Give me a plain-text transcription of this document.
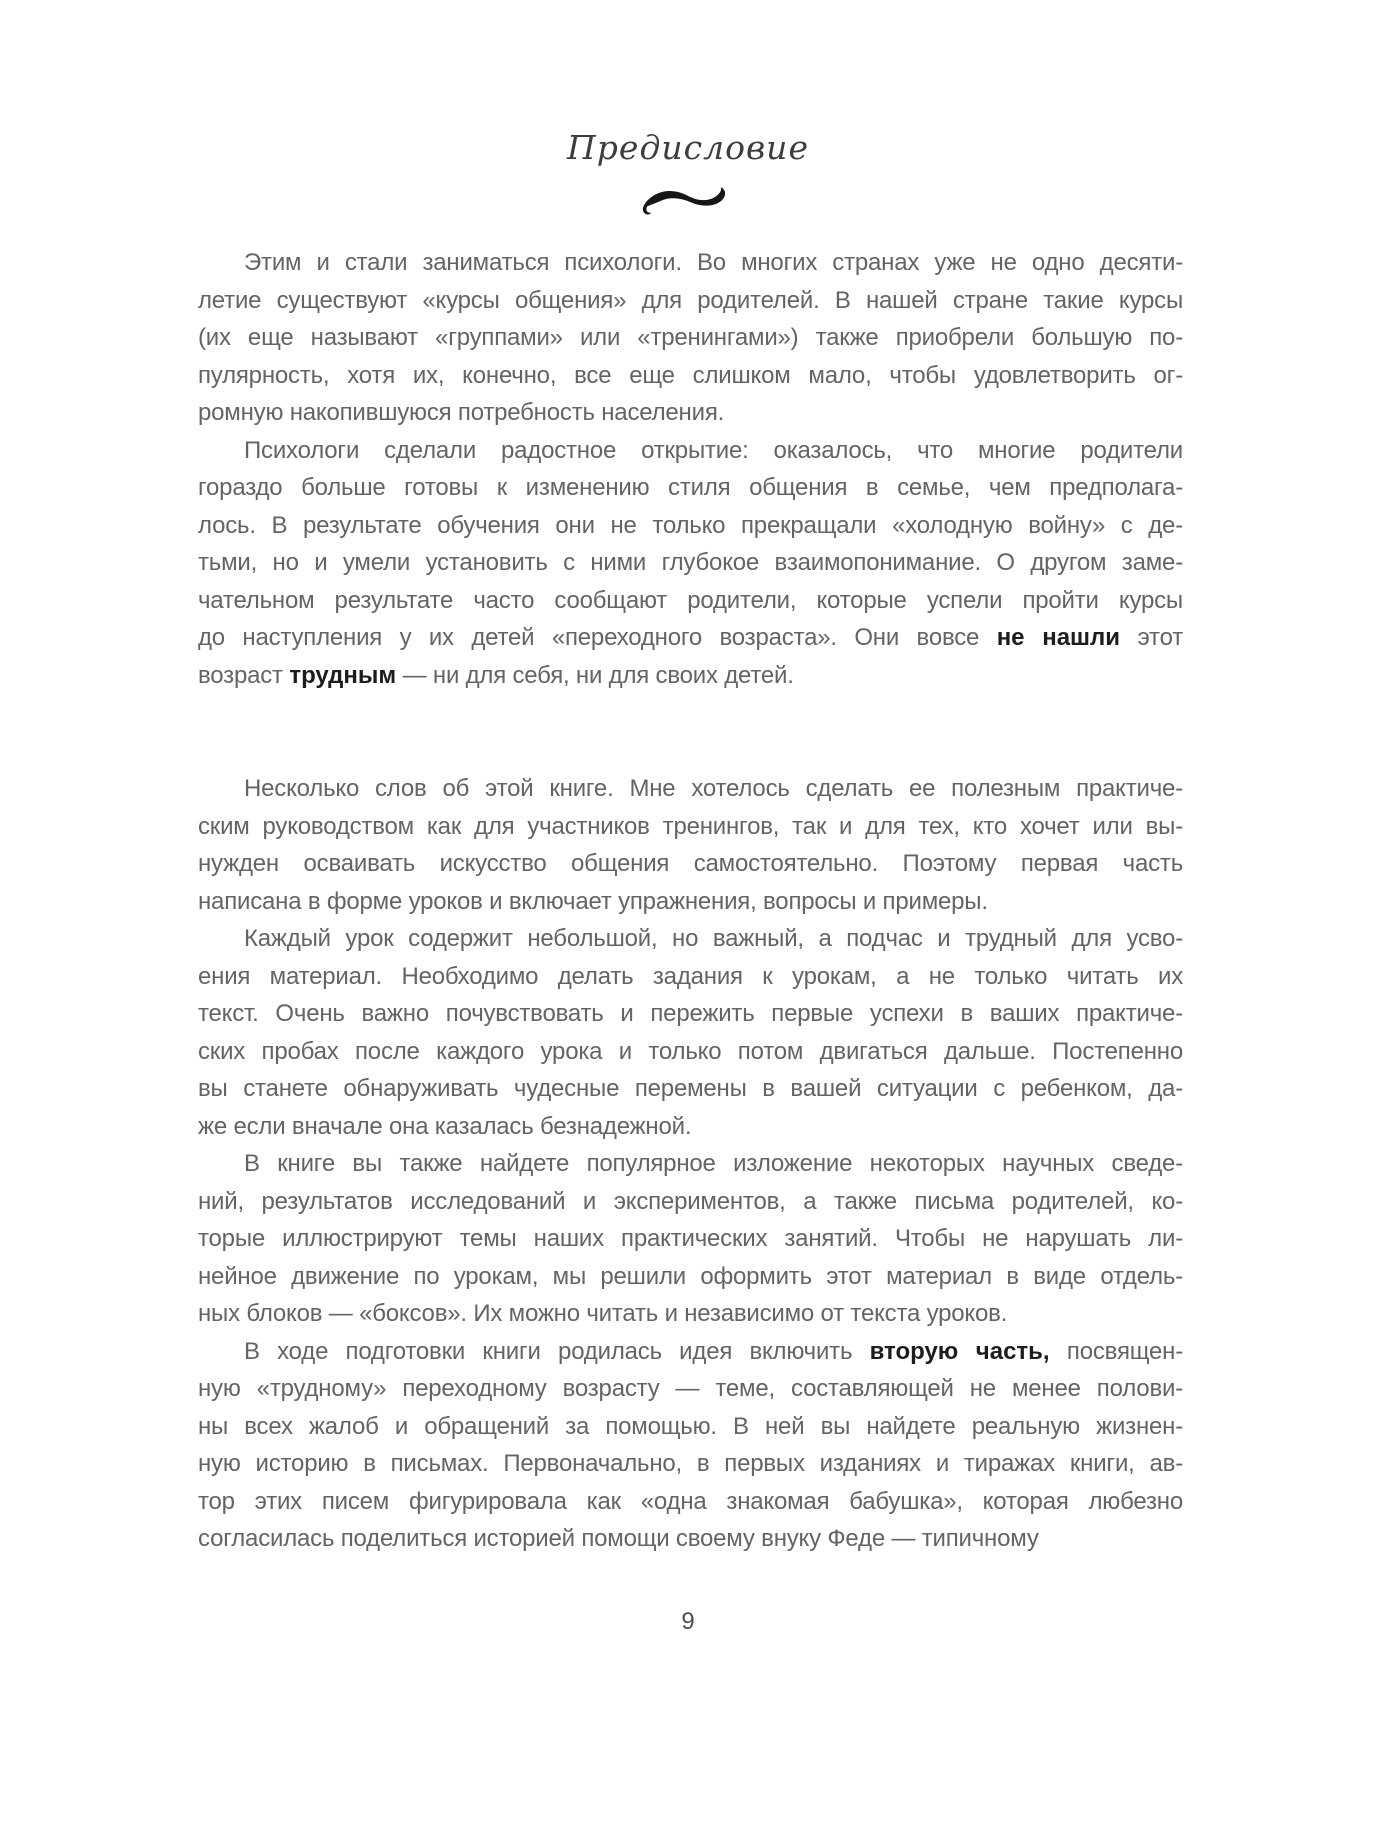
Предисловие
Этим и стали заниматься психологи. Во многих странах уже не одно десяти-
летие существуют «курсы общения» для родителей. В нашей стране такие курсы
(их еще называют «группами» или «тренингами») также приобрели большую по-
пулярность, хотя их, конечно, все еще слишком мало, чтобы удовлетворить ог-
ромную накопившуюся потребность населения.
Психологи сделали радостное открытие: оказалось, что многие родители
гораздо больше готовы к изменению стиля общения в семье, чем предполага-
лось. В результате обучения они не только прекращали «холодную войну» с де-
тьми, но и умели установить с ними глубокое взаимопонимание. О другом заме-
чательном результате часто сообщают родители, которые успели пройти курсы
до наступления у их детей «переходного возраста». Они вовсе не нашли этот
возраст трудным — ни для себя, ни для своих детей.
Несколько слов об этой книге. Мне хотелось сделать ее полезным практиче-
ским руководством как для участников тренингов, так и для тех, кто хочет или вы-
нужден осваивать искусство общения самостоятельно. Поэтому первая часть
написана в форме уроков и включает упражнения, вопросы и примеры.
Каждый урок содержит небольшой, но важный, а подчас и трудный для усво-
ения материал. Необходимо делать задания к урокам, а не только читать их
текст. Очень важно почувствовать и пережить первые успехи в ваших практиче-
ских пробах после каждого урока и только потом двигаться дальше. Постепенно
вы станете обнаруживать чудесные перемены в вашей ситуации с ребенком, да-
же если вначале она казалась безнадежной.
В книге вы также найдете популярное изложение некоторых научных сведе-
ний, результатов исследований и экспериментов, а также письма родителей, ко-
торые иллюстрируют темы наших практических занятий. Чтобы не нарушать ли-
нейное движение по урокам, мы решили оформить этот материал в виде отдель-
ных блоков — «боксов». Их можно читать и независимо от текста уроков.
В ходе подготовки книги родилась идея включить вторую часть, посвящен-
ную «трудному» переходному возрасту — теме, составляющей не менее полови-
ны всех жалоб и обращений за помощью. В ней вы найдете реальную жизнен-
ную историю в письмах. Первоначально, в первых изданиях и тиражах книги, ав-
тор этих писем фигурировала как «одна знакомая бабушка», которая любезно
согласилась поделиться историей помощи своему внуку Феде — типичному
9
